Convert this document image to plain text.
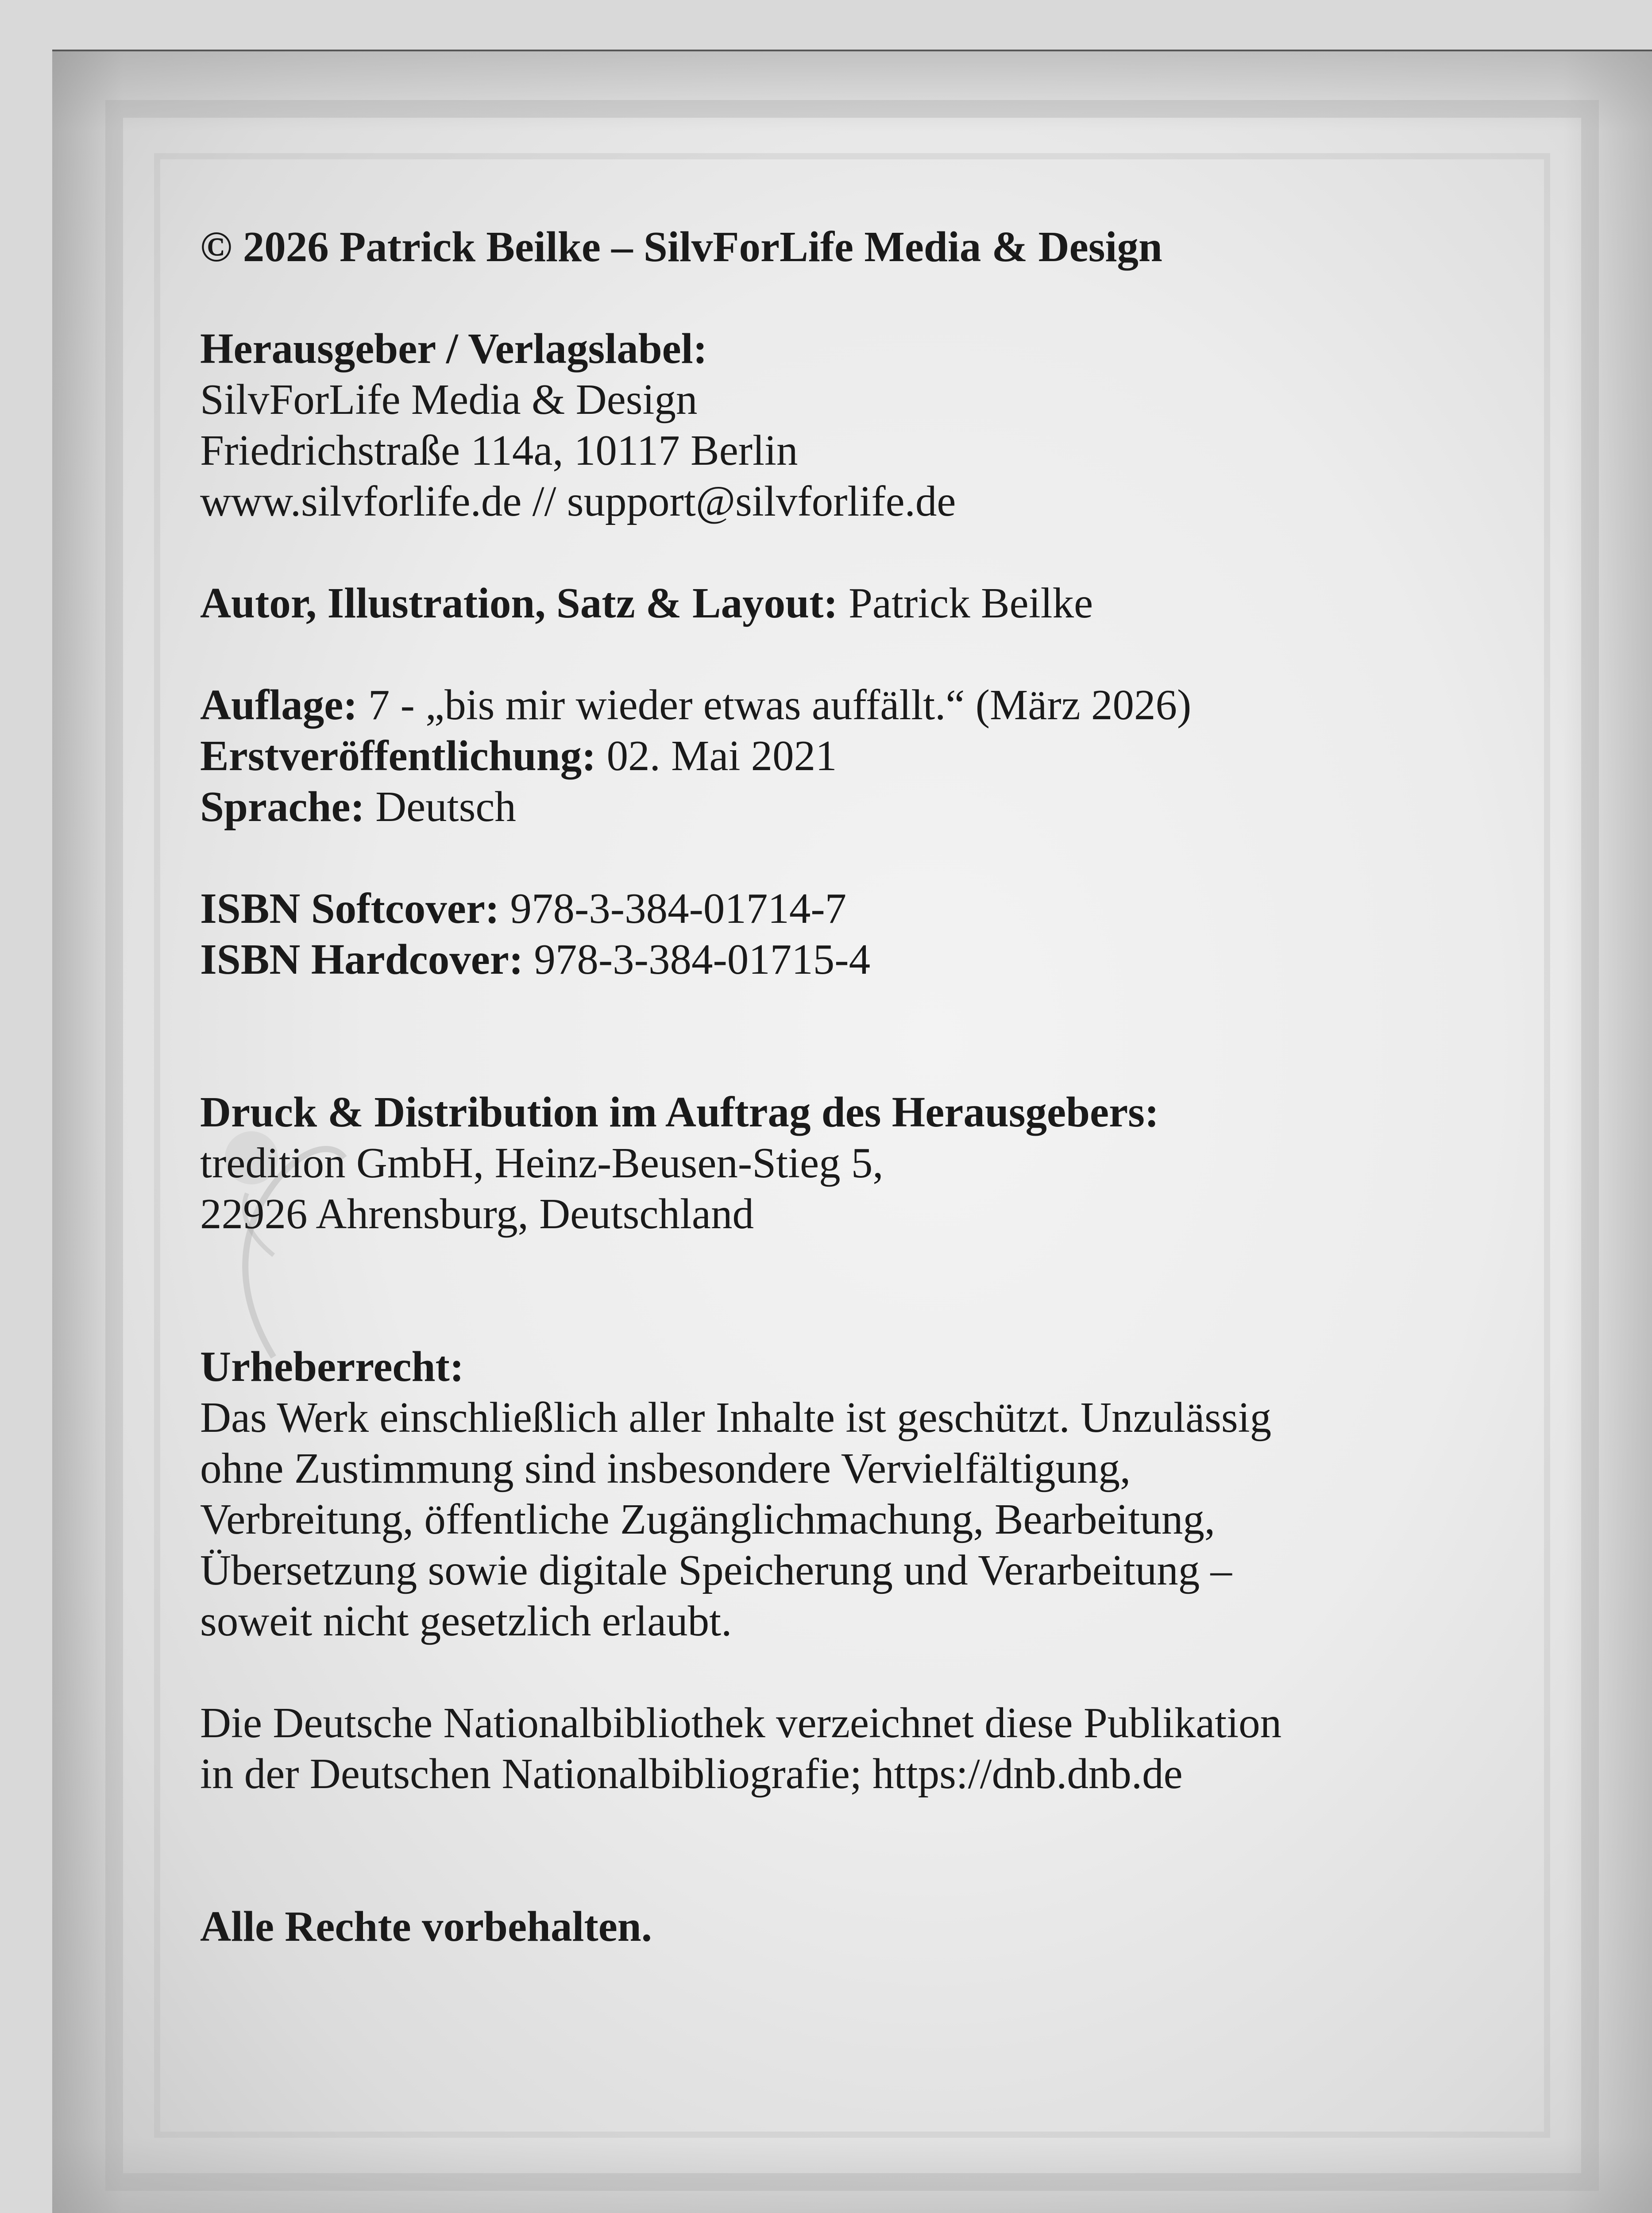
© 2026 Patrick Beilke – SilvForLife Media & Design
Herausgeber / Verlagslabel:
SilvForLife Media & Design
Friedrichstraße 114a, 10117 Berlin
www.silvforlife.de // support@silvforlife.de
Autor, Illustration, Satz & Layout: Patrick Beilke
Auflage: 7 - „bis mir wieder etwas auffällt.“ (März 2026)
Erstveröffentlichung: 02. Mai 2021
Sprache: Deutsch
ISBN Softcover: 978-3-384-01714-7
ISBN Hardcover: 978-3-384-01715-4
Druck & Distribution im Auftrag des Herausgebers:
tredition GmbH, Heinz-Beusen-Stieg 5,
22926 Ahrensburg, Deutschland
Urheberrecht:
Das Werk einschließlich aller Inhalte ist geschützt. Unzulässig
ohne Zustimmung sind insbesondere Vervielfältigung,
Verbreitung, öffentliche Zugänglichmachung, Bearbeitung,
Übersetzung sowie digitale Speicherung und Verarbeitung –
soweit nicht gesetzlich erlaubt.
Die Deutsche Nationalbibliothek verzeichnet diese Publikation
in der Deutschen Nationalbibliografie; https://dnb.dnb.de
Alle Rechte vorbehalten.
